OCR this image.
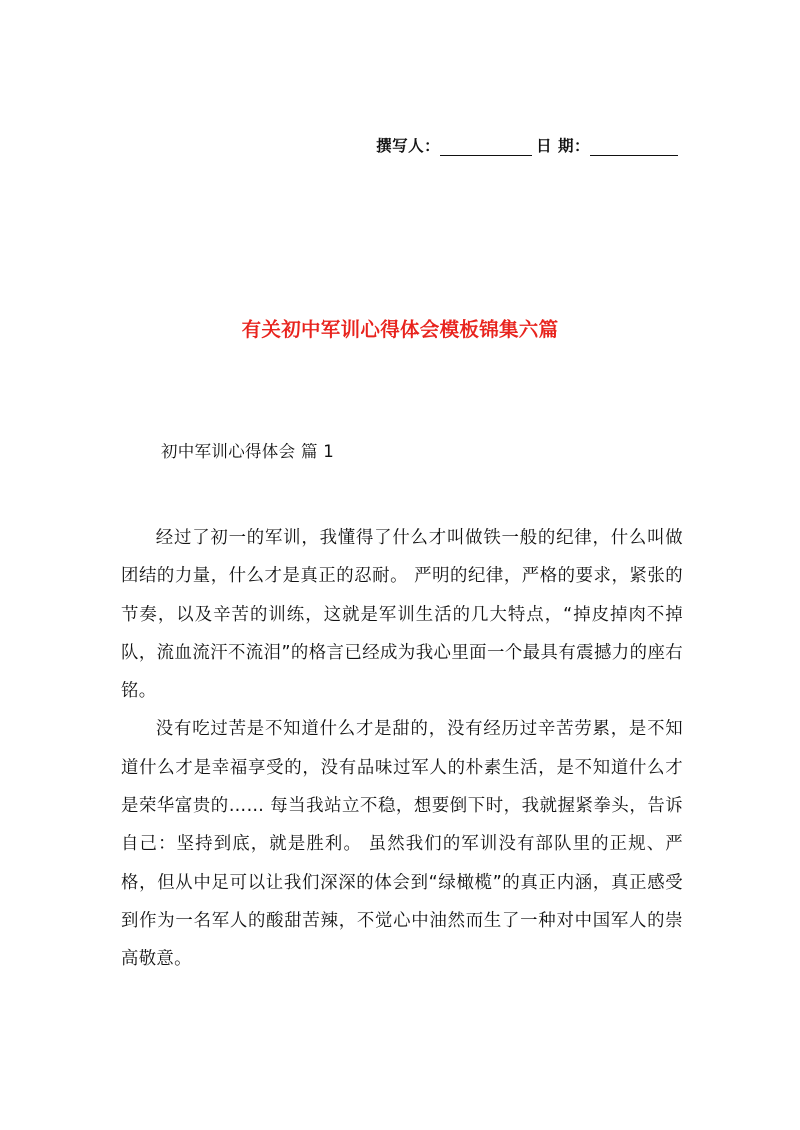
撰写人：	日 期：
有关初中军训心得体会模板锦集六篇
初中军训心得体会 篇 1

经过了初一的军训，我懂得了什么才叫做铁一般的纪律，什么叫做团结的力量，什么才是真正的忍耐。 严明的纪律，严格的要求，紧张的节奏，以及辛苦的训练，这就是军训生活的几大特点，“掉皮掉肉不掉队，流血流汗不流泪”的格言已经成为我心里面一个最具有震撼力的座右铭。

没有吃过苦是不知道什么才是甜的，没有经历过辛苦劳累，是不知道什么才是幸福享受的，没有品味过军人的朴素生活，是不知道什么才是荣华富贵的…… 每当我站立不稳，想要倒下时，我就握紧拳头，告诉自己：坚持到底，就是胜利。 虽然我们的军训没有部队里的正规、严格，但从中足可以让我们深深的体会到“绿橄榄”的真正内涵，真正感受到作为一名军人的酸甜苦辣，不觉心中油然而生了一种对中国军人的崇高敬意。
